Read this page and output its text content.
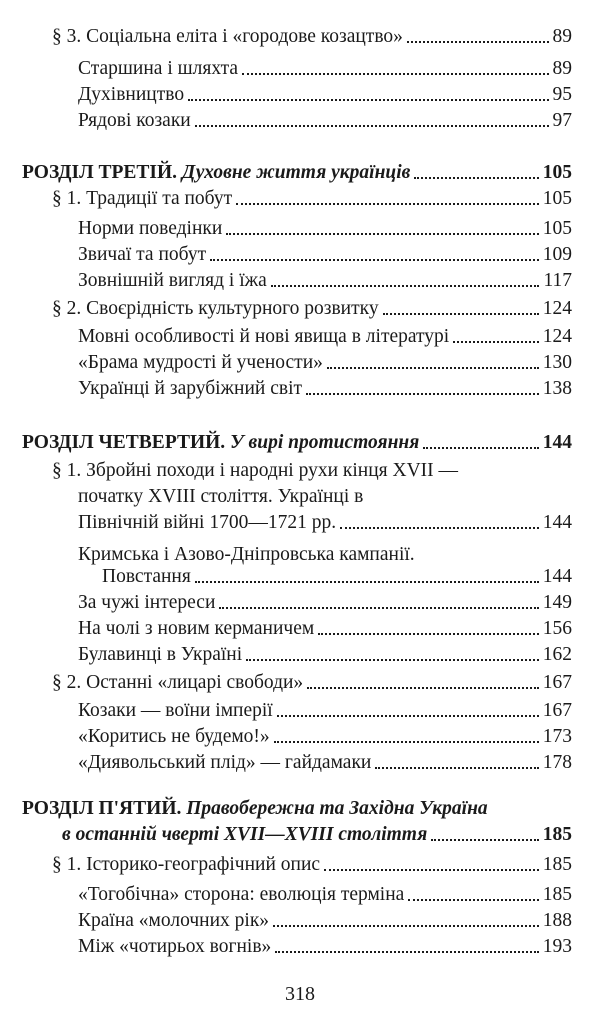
§ 3. Соціальна еліта і «городове козацтво»	89
Старшина і шляхта	89
Духівництво	95
Рядові козаки	97
РОЗДІЛ ТРЕТІЙ. Духовне життя українців	105
§ 1. Традиції та побут	105
Норми поведінки	105
Звичаї та побут	109
Зовнішній вигляд і їжа	117
§ 2. Своєрідність культурного розвитку	124
Мовні особливості й нові явища в літературі	124
«Брама мудрості й учености»	130
Українці й зарубіжний світ	138
РОЗДІЛ ЧЕТВЕРТИЙ. У вирі протистояння	144
§ 1. Збройні походи і народні рухи кінця XVII —
початку XVIII століття. Українці в
Північній війні 1700—1721 рр.	144
Кримська і Азово-Дніпровська кампанії.
Повстання	144
За чужі інтереси	149
На чолі з новим керманичем	156
Булавинці в Україні	162
§ 2. Останні «лицарі свободи»	167
Козаки — воїни імперії	167
«Коритись не будемо!»	173
«Диявольський плід» — гайдамаки	178
РОЗДІЛ П'ЯТИЙ. Правобережна та Західна Україна
в останній чверті XVII—XVIII століття	185
§ 1. Історико-географічний опис	185
«Тогобічна» сторона: еволюція терміна	185
Країна «молочних рік»	188
Між «чотирьох вогнів»	193
318
